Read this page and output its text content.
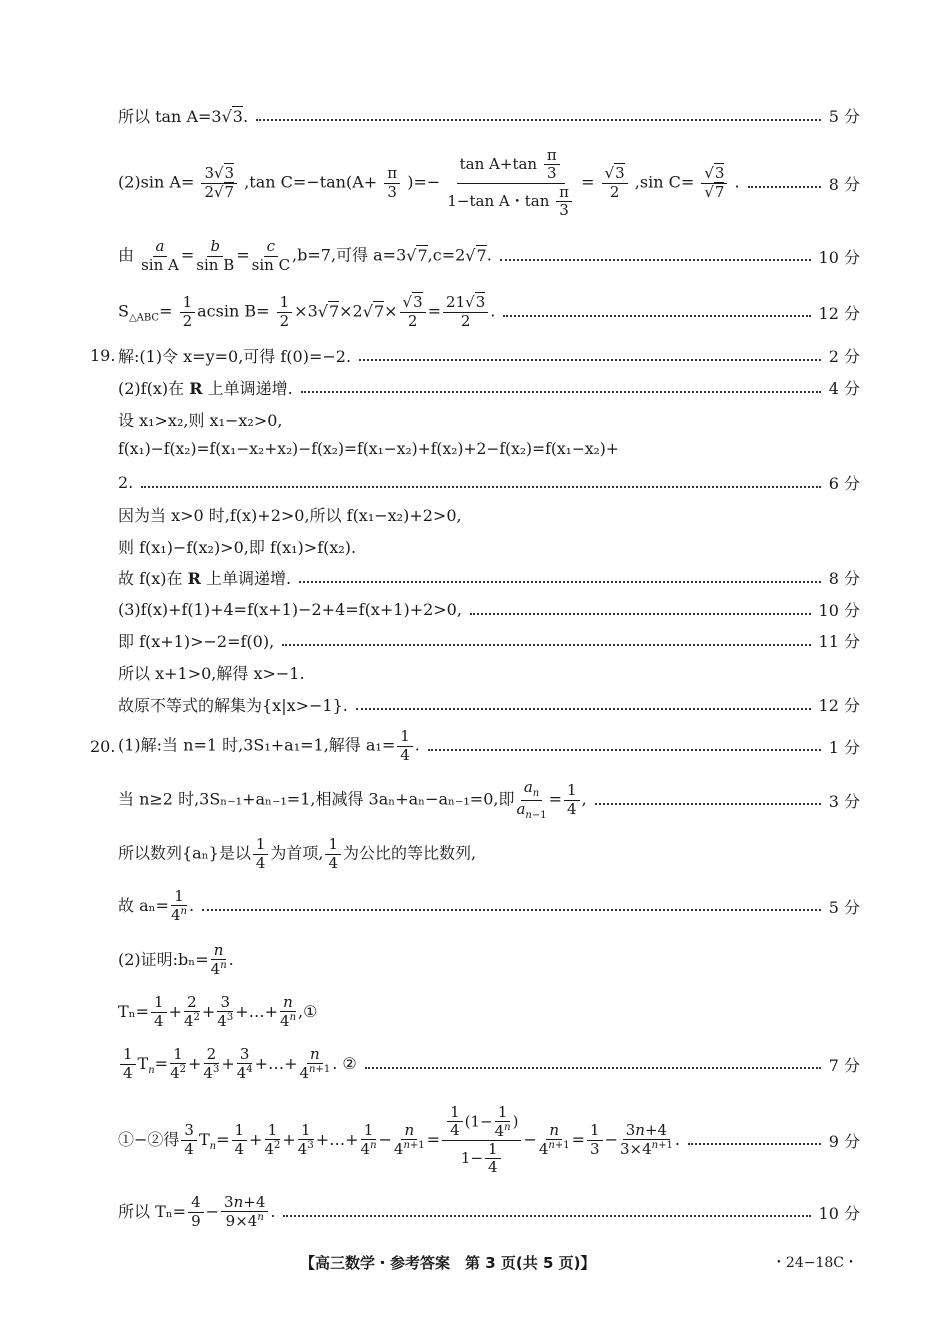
所以 tan A=3 √ 3.	5 分
(2)sin $A= \frac{3 √ 3}{2 √ 7} ,\tan$ $C=-\tan(A+ \frac{\pi}{3}$ )=− $\frac{\tan A+\tan \frac{\pi}{3}}{1-\tan A・\tan \frac{\pi}{3}}$ = √ $\frac{3}{2} ,\sin$ C= √ 3
√ 7 .	8 分
由 $\frac{a}{\text{sin A}} = \frac{b}{\text{sin B}} = \frac{c}{\text{sin C}} ,b=7$,可得 a=3 √ 7,c=2 √ 7.	10 分
$S_{\triangle ABC}= \frac{1}{2}$ acsin $B= \frac{1}{2} \times 3$ √ 7×2 √ 7× √ $\frac{3}{2} = \frac{21 √ 3}{2}$ .	12 分
19. 解:(1)令 x=y=0,可得 f(0)=−2.	2 分
(2)f(x)在 R 上单调递增.	4 分
设 x₁>x₂,则 x₁−x₂>0,
f(x₁)−f(x₂)=f(x₁−x₂+x₂)−f(x₂)=f(x₁−x₂)+f(x₂)+2−f(x₂)=f(x₁−x₂)+
2.	6 分
因为当 x>0 时,f(x)+2>0,所以 f(x₁−x₂)+2>0,
则 f(x₁)−f(x₂)>0,即 f(x₁)>f(x₂).
故 f(x)在 R 上单调递增.	8 分
(3)f(x)+f(1)+4=f(x+1)−2+4=f(x+1)+2>0,	10 分
即 f(x+1)>−2=f(0),	11 分
所以 x+1>0,解得 x>−1.
故原不等式的解集为{x|x>−1}.	12 分
20. (1)解:当 n=1 时,3S₁+a₁=1,解得 $a_1= \frac{1}{4}$ .	1 分
当 n≥2 时,3Sₙ₋₁+aₙ₋₁=1,相减得 3aₙ+aₙ−aₙ₋₁=0,即 $\frac{a_n}{a_{n-1}} = \frac{1}{4}$ ,	3 分
所以数列{aₙ}是以 $\frac{1}{4}$ 为首项, $\frac{1}{4}$ 为公比的等比数列,
故 $a_n= \frac{1}{4^n}$ .	5 分
(2)证明:bₙ= $\frac{n}{4^n}$ .
$T_n= \frac{1}{4} + \frac{2}{4^2} + \frac{3}{4^3}$ +…+ $\frac{n}{4^n}$ ,①
$\frac{1}{4} T_n= \frac{1}{4^2} + \frac{2}{4^3} + \frac{3}{4^4}$ +…+ $\frac{n}{4^{n+1}}$ . ②	7 分
①−②得 $\frac{3}{4} T_n= \frac{1}{4} + \frac{1}{4^2} + \frac{1}{4^3}$ +…+ $\frac{1}{4^n} - \frac{n}{4^{n+1}} = \frac{\frac{1}{4} (1- \frac{1}{4^n} )}{1- \frac{1}{4}} - \frac{n}{4^{n+1}} = \frac{1}{3} - \frac{3n+4}{3\times 4^{n+1}}$ .	9 分
所以 $T_n= \frac{4}{9} - \frac{3n+4}{9\times 4^n}$ .	10 分
【高三数学・参考答案　第 3 页(共 5 页)】	・24−18C・
